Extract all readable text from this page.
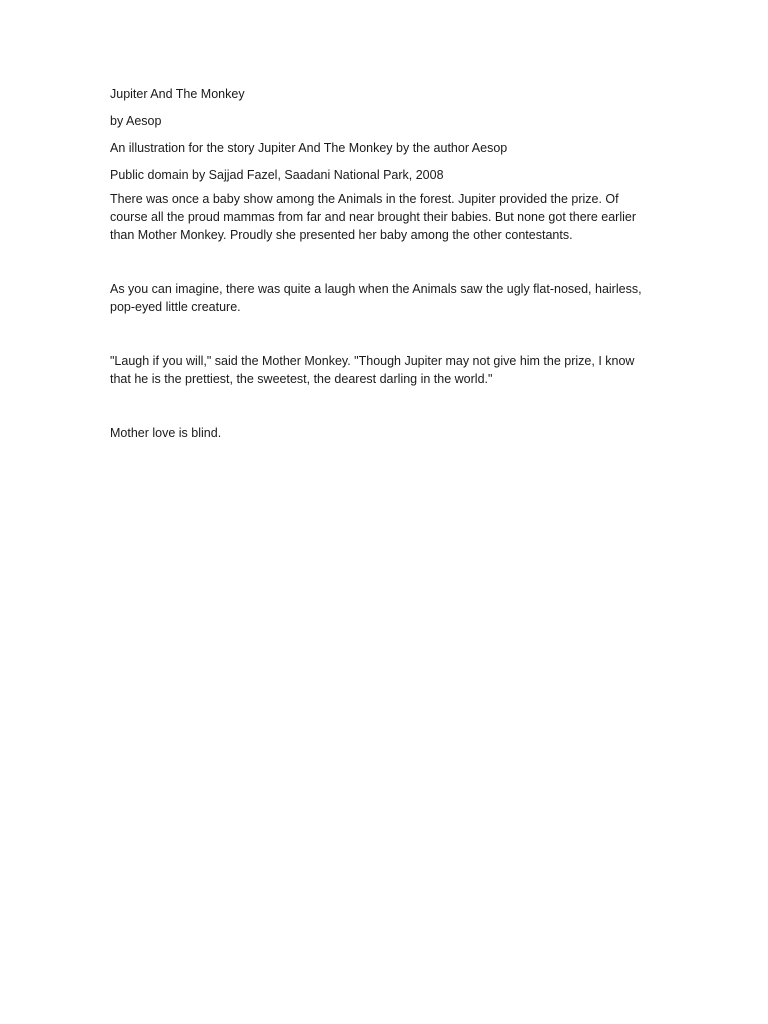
Jupiter And The Monkey

by Aesop

An illustration for the story Jupiter And The Monkey by the author Aesop

Public domain by Sajjad Fazel, Saadani National Park, 2008

There was once a baby show among the Animals in the forest. Jupiter provided the prize. Of course all the proud mammas from far and near brought their babies. But none got there earlier than Mother Monkey. Proudly she presented her baby among the other contestants.

As you can imagine, there was quite a laugh when the Animals saw the ugly flat-nosed, hairless, pop-eyed little creature.

"Laugh if you will," said the Mother Monkey. "Though Jupiter may not give him the prize, I know that he is the prettiest, the sweetest, the dearest darling in the world."

Mother love is blind.
